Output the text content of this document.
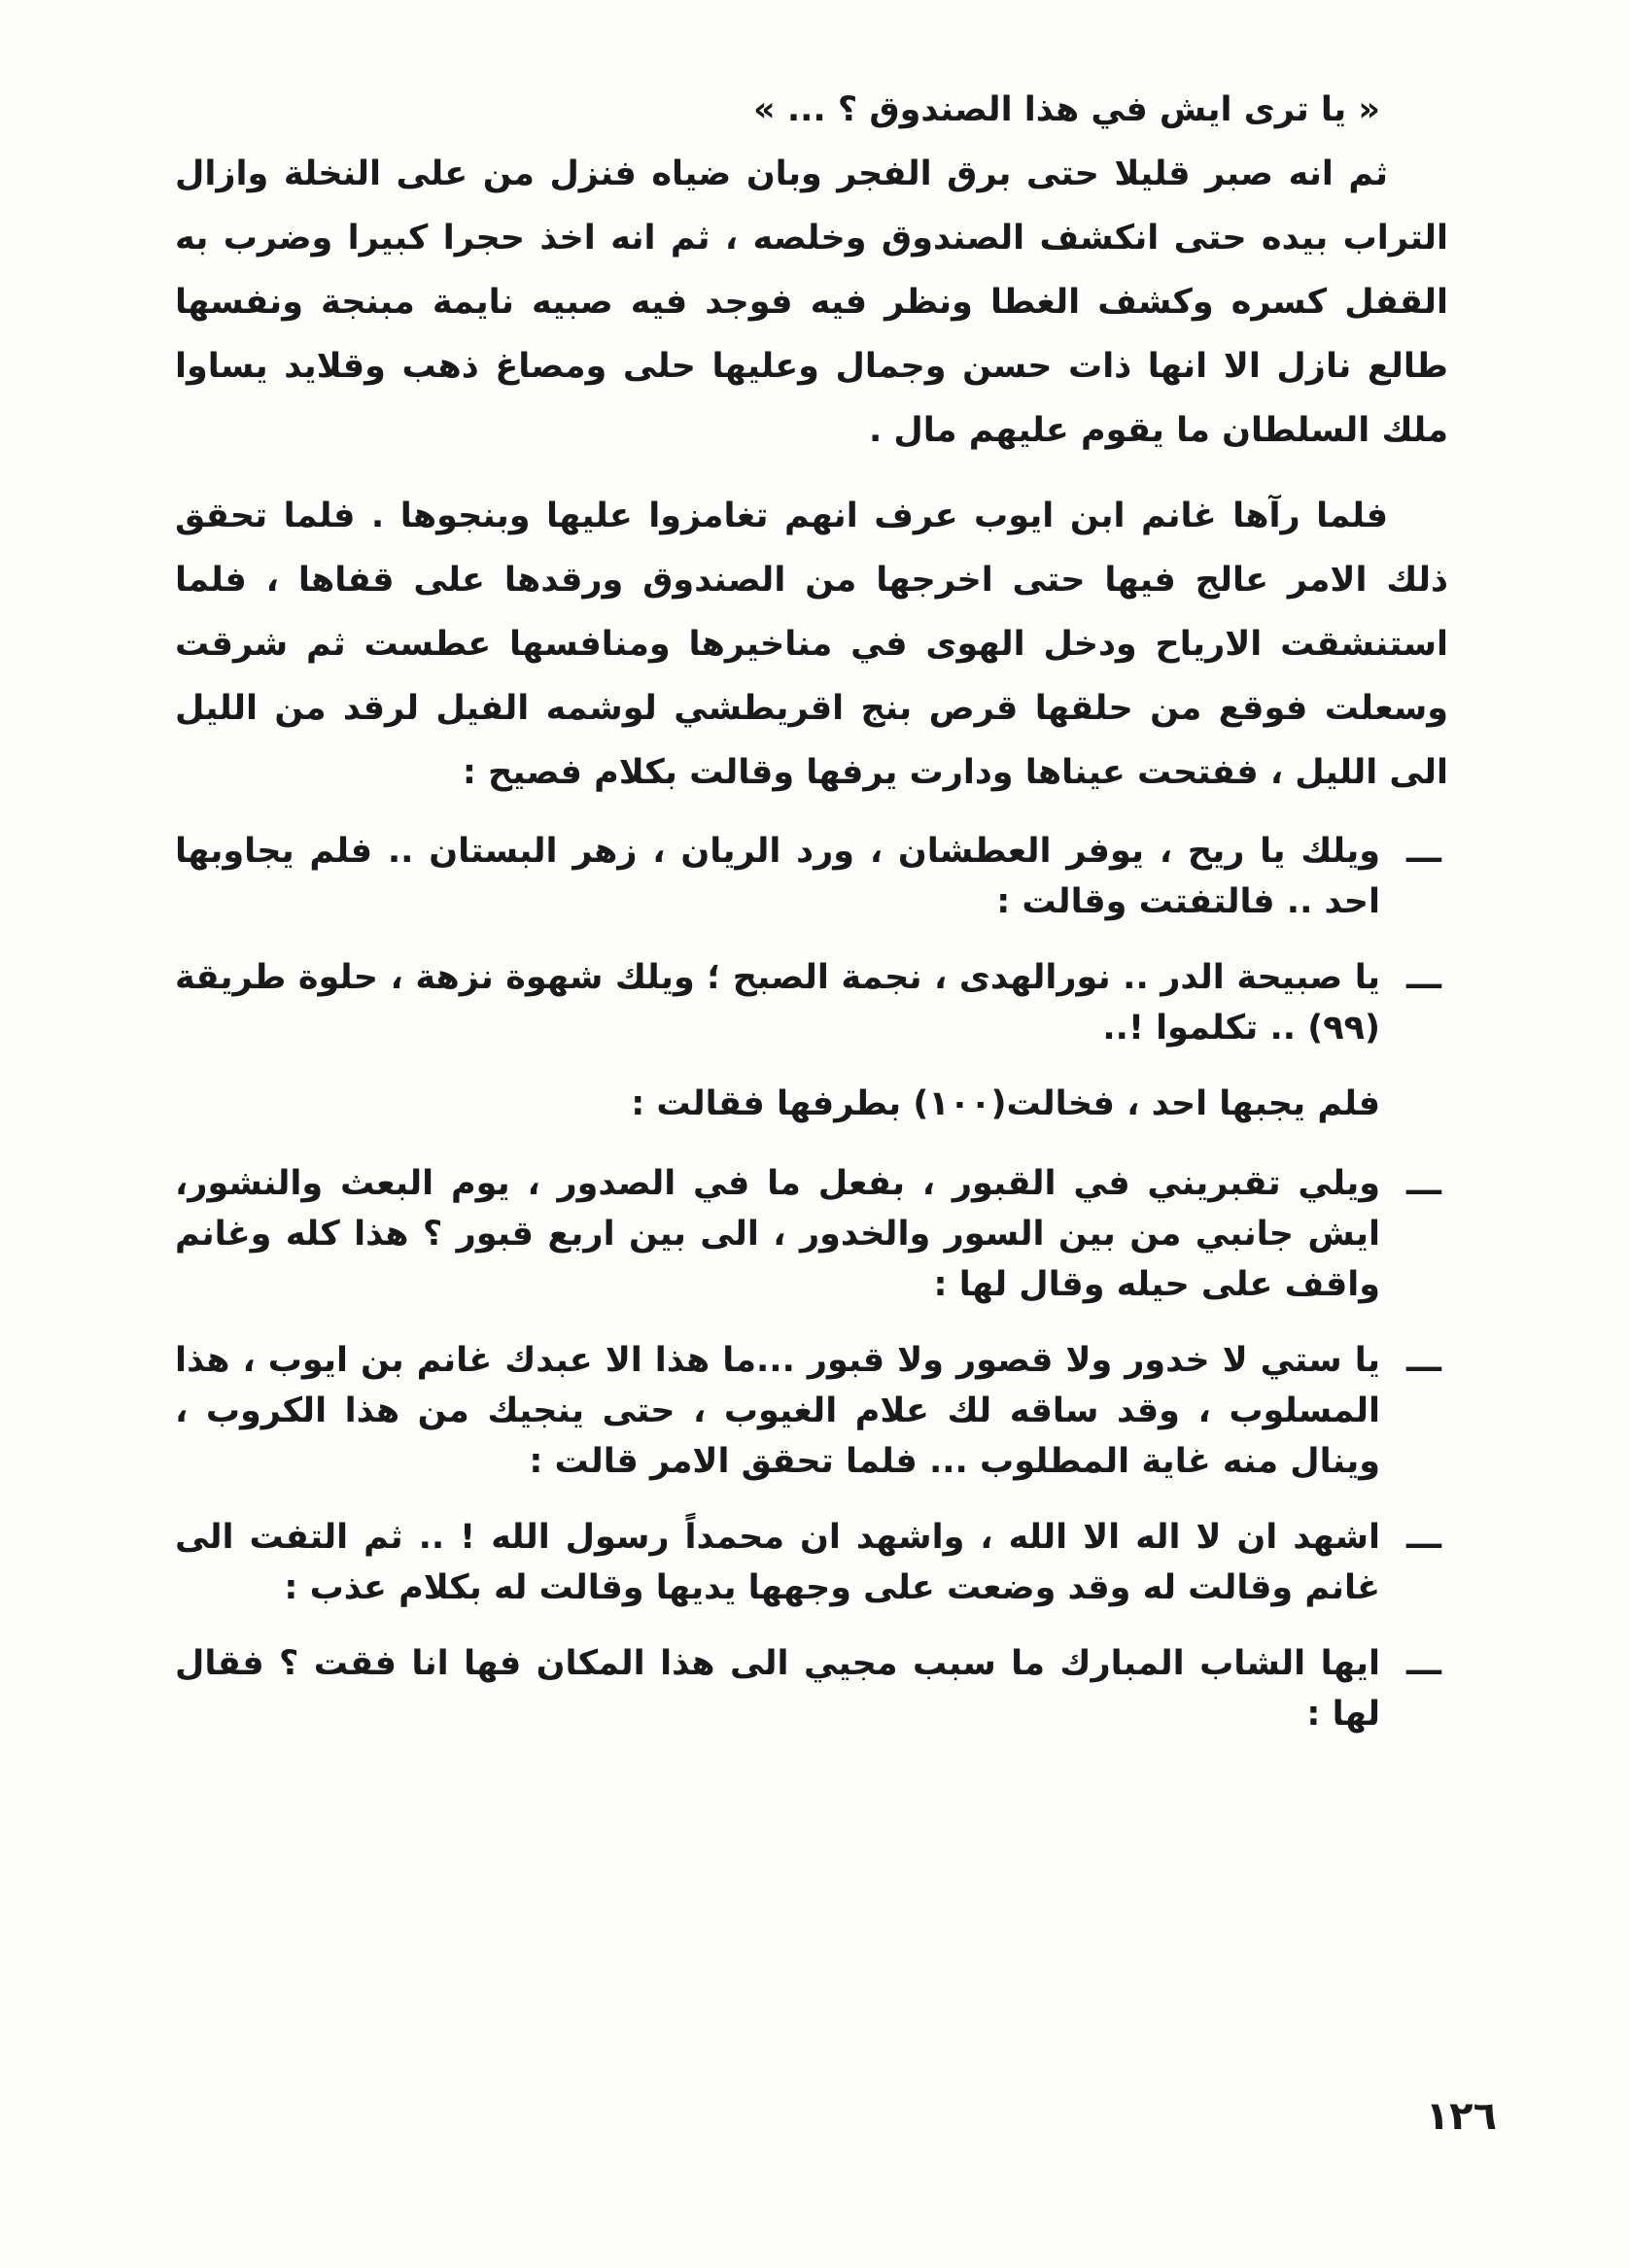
« يا ترى ايش في هذا الصندوق ؟ ... »

ثم انه صبر قليلا حتى برق الفجر وبان ضياه فنزل من على النخلة وازال التراب بيده حتى انكشف الصندوق وخلصه ، ثم انه اخذ حجرا كبيرا وضرب به القفل كسره وكشف الغطا ونظر فيه فوجد فيه صبيه نايمة مبنجة ونفسها طالع نازل الا انها ذات حسن وجمال وعليها حلى ومصاغ ذهب وقلايد يساوا ملك السلطان ما يقوم عليهم مال .

فلما رآها غانم ابن ايوب عرف انهم تغامزوا عليها وبنجوها . فلما تحقق ذلك الامر عالج فيها حتى اخرجها من الصندوق ورقدها على قفاها ، فلما استنشقت الارياح ودخل الهوى في مناخيرها ومنافسها عطست ثم شرقت وسعلت فوقع من حلقها قرص بنج اقريطشي لوشمه الفيل لرقد من الليل الى الليل ، ففتحت عيناها ودارت يرفها وقالت بكلام فصيح :

ـــ
ويلك يا ريح ، يوفر العطشان ، ورد الريان ، زهر البستان .. فلم يجاوبها احد .. فالتفتت وقالت :
ـــ
يا صبيحة الدر .. نورالهدى ، نجمة الصبح ؛ ويلك شهوة نزهة ، حلوة طريقة (٩٩) .. تكلموا !..

فلم يجبها احد ، فخالت(١٠٠) بطرفها فقالت :

ـــ
ويلي تقبريني في القبور ، بفعل ما في الصدور ، يوم البعث والنشور، ايش جانبي من بين السور والخدور ، الى بين اربع قبور ؟ هذا كله وغانم واقف على حيله وقال لها :
ـــ
يا ستي لا خدور ولا قصور ولا قبور ...ما هذا الا عبدك غانم بن ايوب ، هذا المسلوب ، وقد ساقه لك علام الغيوب ، حتى ينجيك من هذا الكروب ، وينال منه غاية المطلوب ... فلما تحقق الامر قالت :
ـــ
اشهد ان لا اله الا الله ، واشهد ان محمداً رسول الله ! .. ثم التفت الى غانم وقالت له وقد وضعت على وجهها يديها وقالت له بكلام عذب :
ـــ
ايها الشاب المبارك ما سبب مجيي الى هذا المكان فها انا فقت ؟ فقال لها :
١٢٦
